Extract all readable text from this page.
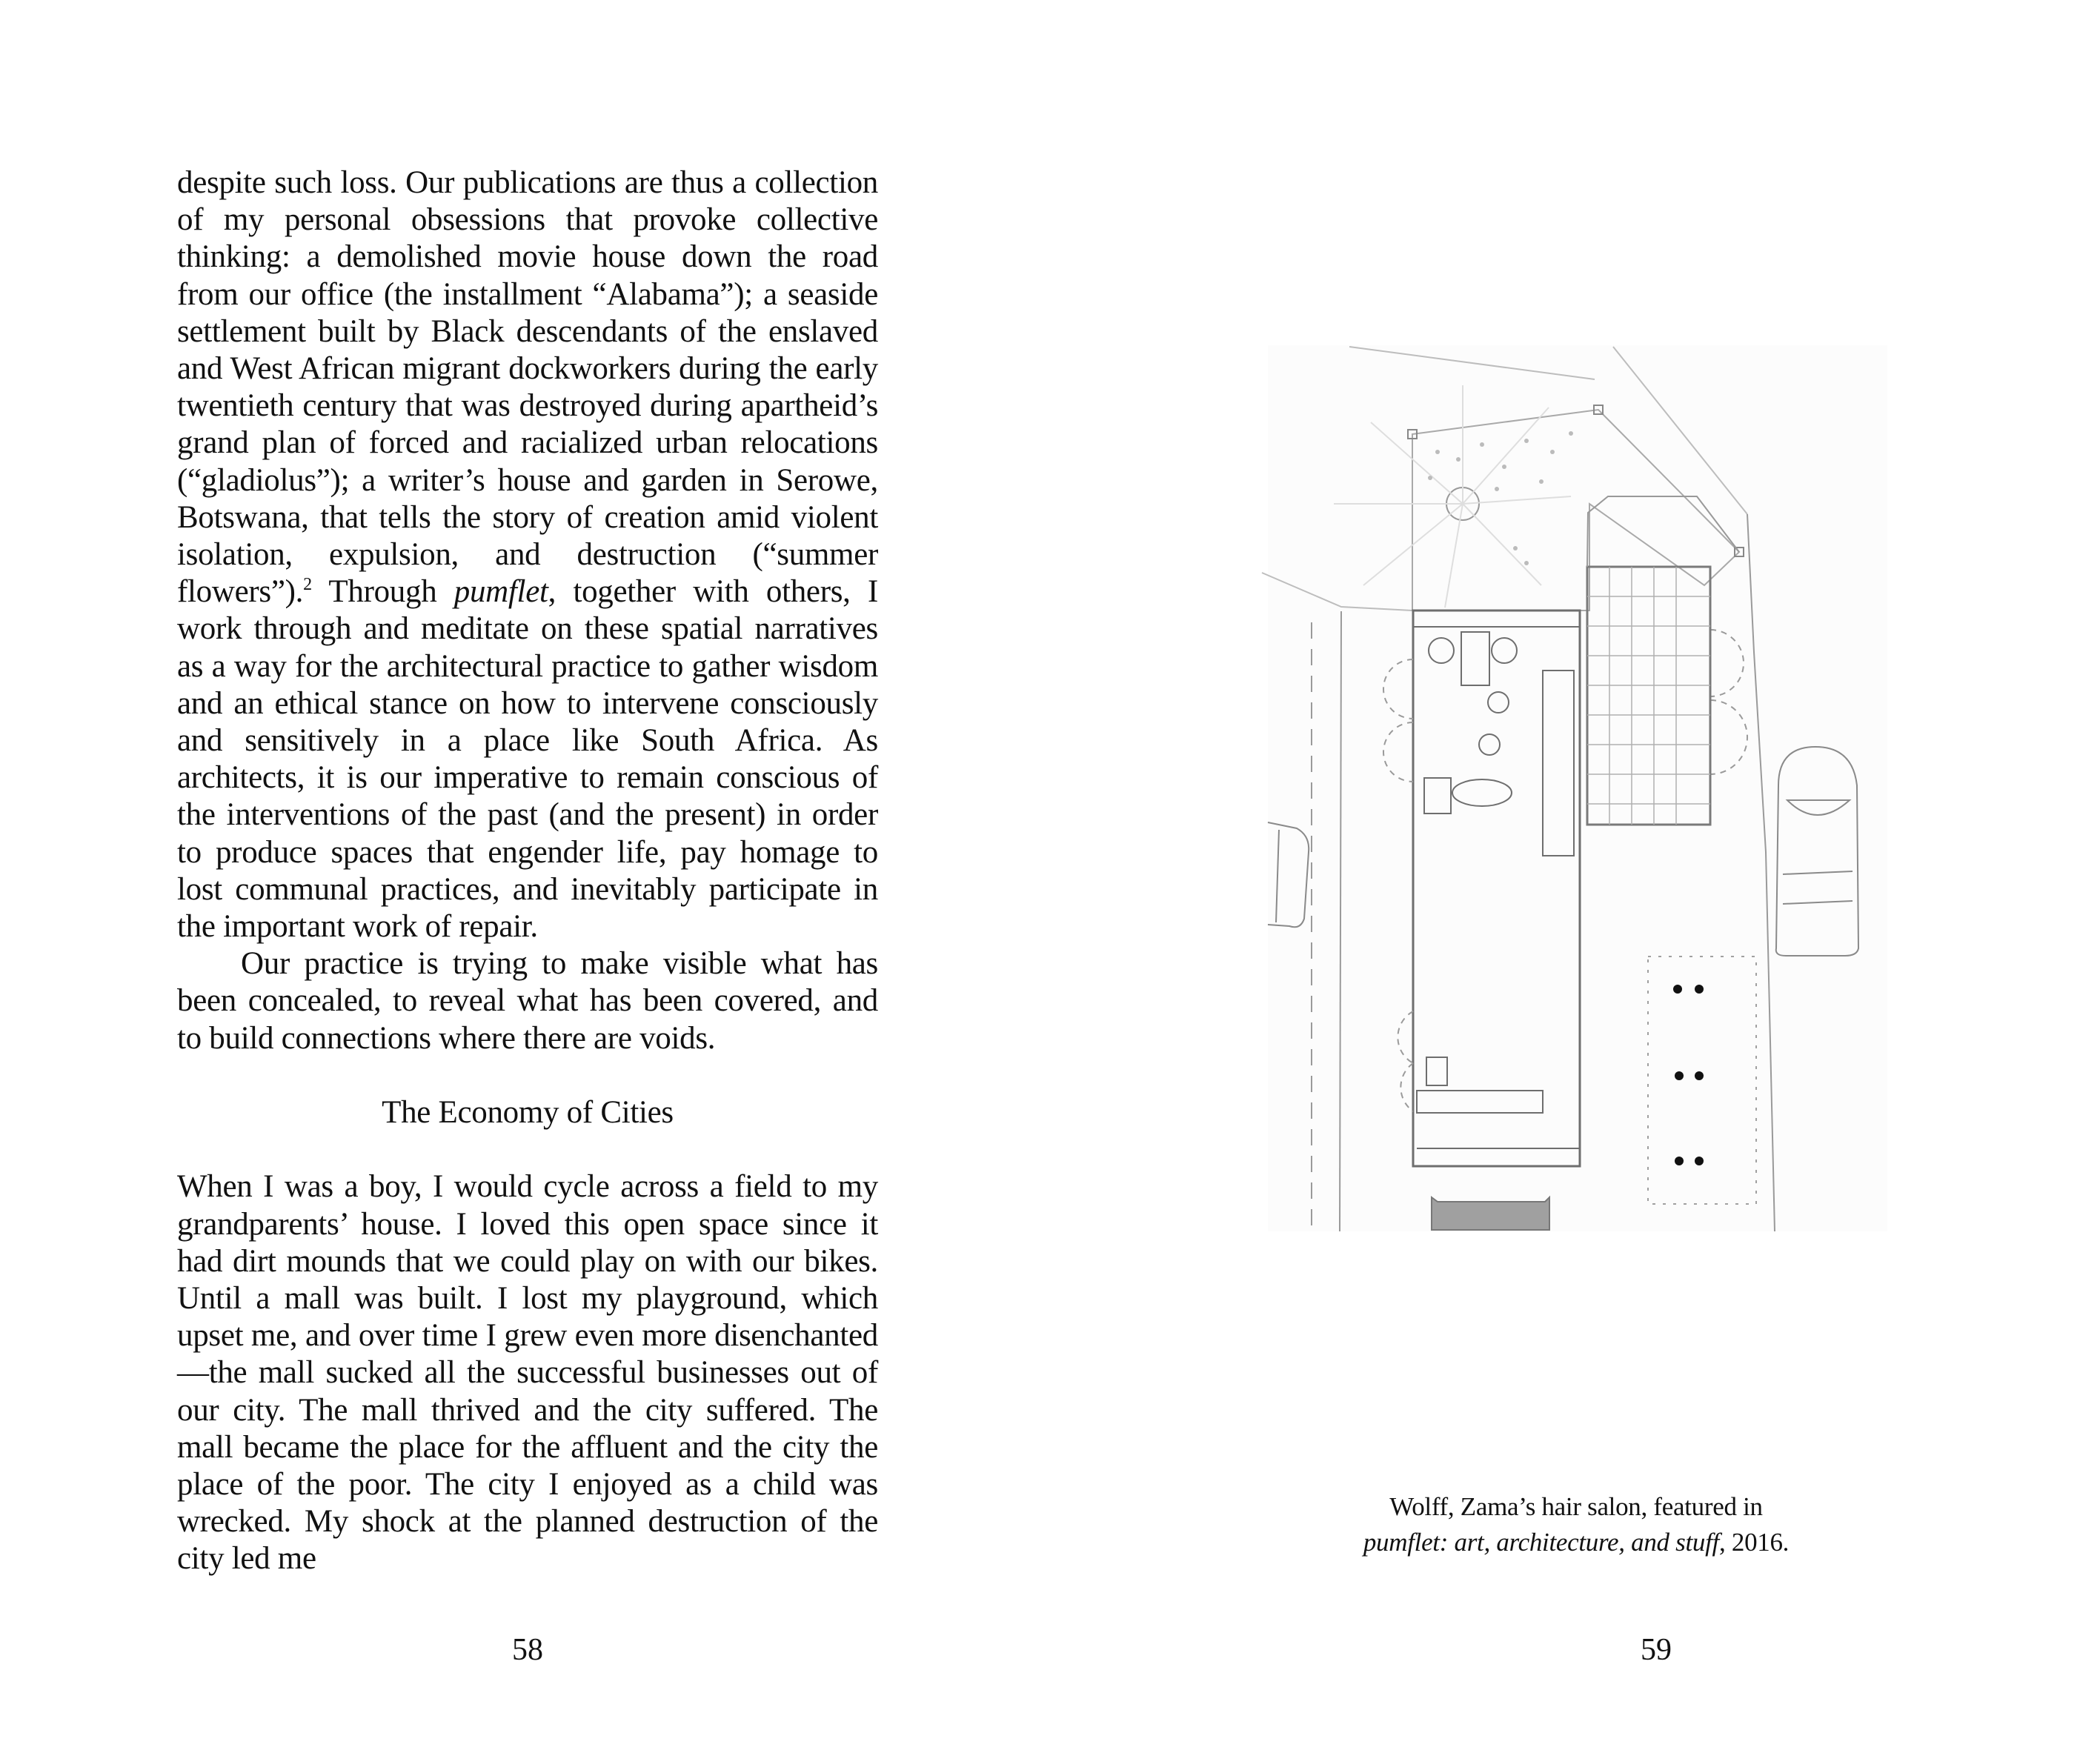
despite such loss. Our publications are thus a collection of my personal obsessions that provoke collective thinking: a demolished movie house down the road from our office (the installment “Alabama”); a seaside settlement built by Black descendants of the enslaved and West African migrant dockworkers during the early twentieth century that was destroyed during apartheid’s grand plan of forced and racialized urban relocations (“gladiolus”); a writer’s house and garden in Serowe, Botswana, that tells the story of creation amid violent isolation, expulsion, and destruction (“summer flowers”).$^2$ Through pumflet, together with others, I work through and meditate on these spatial narratives as a way for the architectural practice to gather wisdom and an ethical stance on how to intervene consciously and sensitively in a place like South Africa. As architects, it is our imperative to remain conscious of the interventions of the past (and the present) in order to produce spaces that engender life, pay homage to lost communal practices, and inevitably participate in the important work of repair.

Our practice is trying to make visible what has been concealed, to reveal what has been covered, and to build connections where there are voids.

The Economy of Cities

When I was a boy, I would cycle across a field to my grandparents’ house. I loved this open space since it had dirt mounds that we could play on with our bikes. Until a mall was built. I lost my playground, which upset me, and over time I grew even more disenchanted—the mall sucked all the successful businesses out of our city. The mall thrived and the city suffered. The mall became the place for the affluent and the city the place of the poor. The city I enjoyed as a child was wrecked. My shock at the planned destruction of the city led me

58
Wolff, Zama’s hair salon, featured in
pumflet: art, architecture, and stuff, 2016.
59
